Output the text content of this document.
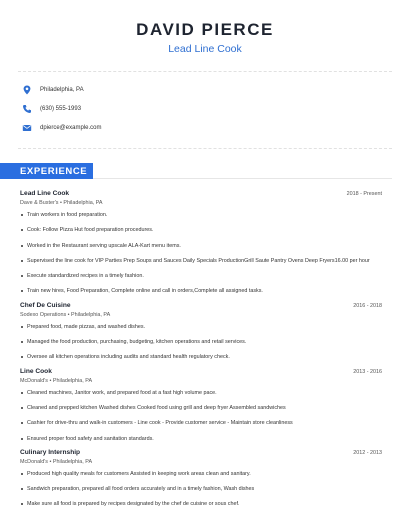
DAVID PIERCE
Lead Line Cook
Philadelphia, PA
(630) 555-1993
dpierce@example.com
EXPERIENCE
Lead Line Cook	2018 - Present
Dave & Buster's • Philadelphia, PA
Train workers in food preparation.
Cook: Follow Pizza Hut food preparation procedures.
Worked in the Restaurant serving upscale ALA-Kart menu items.
Supervised the line cook for VIP Parties Prep Soups and Sauces Daily Specials ProductionGrill Saute Pantry Ovens Deep Fryers16.00 per hour
Execute standardized recipes in a timely fashion.
Train new hires, Food Preparation, Complete online and call in orders,Complete all assigned tasks.
Chef De Cuisine	2016 - 2018
Sodexo Operations • Philadelphia, PA
Prepared food, made pizzas, and washed dishes.
Managed the food production, purchasing, budgeting, kitchen operations and retail services.
Oversee all kitchen operations including audits and standard health regulatory check.
Line Cook	2013 - 2016
McDonald's • Philadelphia, PA
Cleaned machines, Janitor work, and prepared food at a fast high volume pace.
Cleaned and prepped kitchen Washed dishes Cooked food using grill and deep fryer Assembled sandwiches
Cashier for drive-thru and walk-in customers - Line cook - Provide customer service - Maintain store cleanliness
Ensured proper food safety and sanitation standards.
Culinary Internship	2012 - 2013
McDonald's • Philadelphia, PA
Produced high quality meals for customers Assisted in keeping work areas clean and sanitary.
Sandwich preparation, prepared all food orders accurately and in a timely fashion, Wash dishes
Make sure all food is prepared by recipes designated by the chef de cuisine or sous chef.
